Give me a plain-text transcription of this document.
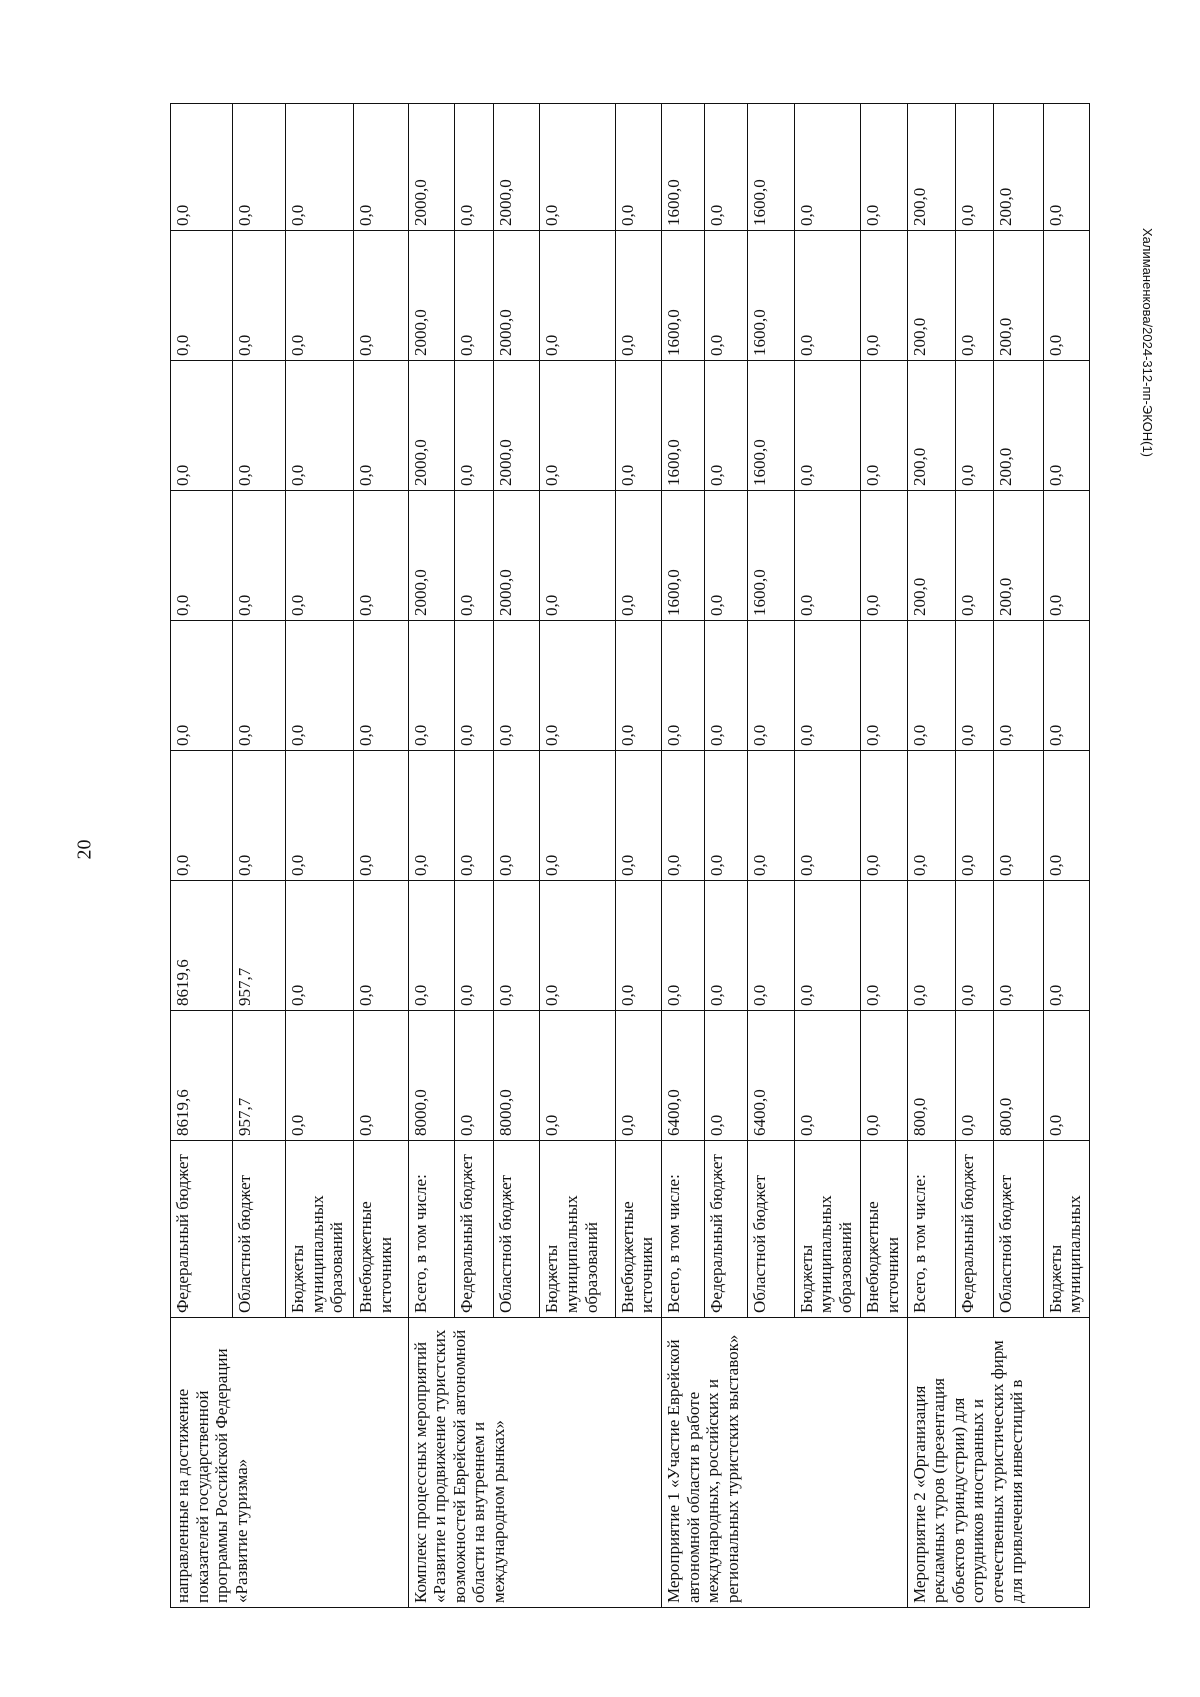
20
Халиманенкова/2024-312-пп-ЭКОН(1)
направленные на достижение показателей государственной программы Российской Федерации «Развитие туризма»	Федеральный бюджет	8619,6	8619,6	0,0	0,0	0,0	0,0	0,0	0,0
	Областной бюджет	957,7	957,7	0,0	0,0	0,0	0,0	0,0	0,0
	Бюджеты муниципальных образований	0,0	0,0	0,0	0,0	0,0	0,0	0,0	0,0
	Внебюджетные источники	0,0	0,0	0,0	0,0	0,0	0,0	0,0	0,0
Комплекс процессных мероприятий «Развитие и продвижение туристских возможностей Еврейской автономной области на внутреннем и международном рынках»	Всего, в том числе:	8000,0	0,0	0,0	0,0	2000,0	2000,0	2000,0	2000,0
	Федеральный бюджет	0,0	0,0	0,0	0,0	0,0	0,0	0,0	0,0
	Областной бюджет	8000,0	0,0	0,0	0,0	2000,0	2000,0	2000,0	2000,0
	Бюджеты муниципальных образований	0,0	0,0	0,0	0,0	0,0	0,0	0,0	0,0
	Внебюджетные источники	0,0	0,0	0,0	0,0	0,0	0,0	0,0	0,0
Мероприятие 1 «Участие Еврейской автономной области в работе международных, российских и региональных туристских выставок»	Всего, в том числе:	6400,0	0,0	0,0	0,0	1600,0	1600,0	1600,0	1600,0
	Федеральный бюджет	0,0	0,0	0,0	0,0	0,0	0,0	0,0	0,0
	Областной бюджет	6400,0	0,0	0,0	0,0	1600,0	1600,0	1600,0	1600,0
	Бюджеты муниципальных образований	0,0	0,0	0,0	0,0	0,0	0,0	0,0	0,0
	Внебюджетные источники	0,0	0,0	0,0	0,0	0,0	0,0	0,0	0,0
Мероприятие 2 «Организация рекламных туров (презентация объектов туриндустрии) для сотрудников иностранных и отечественных туристических фирм для привлечения инвестиций в	Всего, в том числе:	800,0	0,0	0,0	0,0	200,0	200,0	200,0	200,0
	Федеральный бюджет	0,0	0,0	0,0	0,0	0,0	0,0	0,0	0,0
	Областной бюджет	800,0	0,0	0,0	0,0	200,0	200,0	200,0	200,0
	Бюджеты муниципальных	0,0	0,0	0,0	0,0	0,0	0,0	0,0	0,0
